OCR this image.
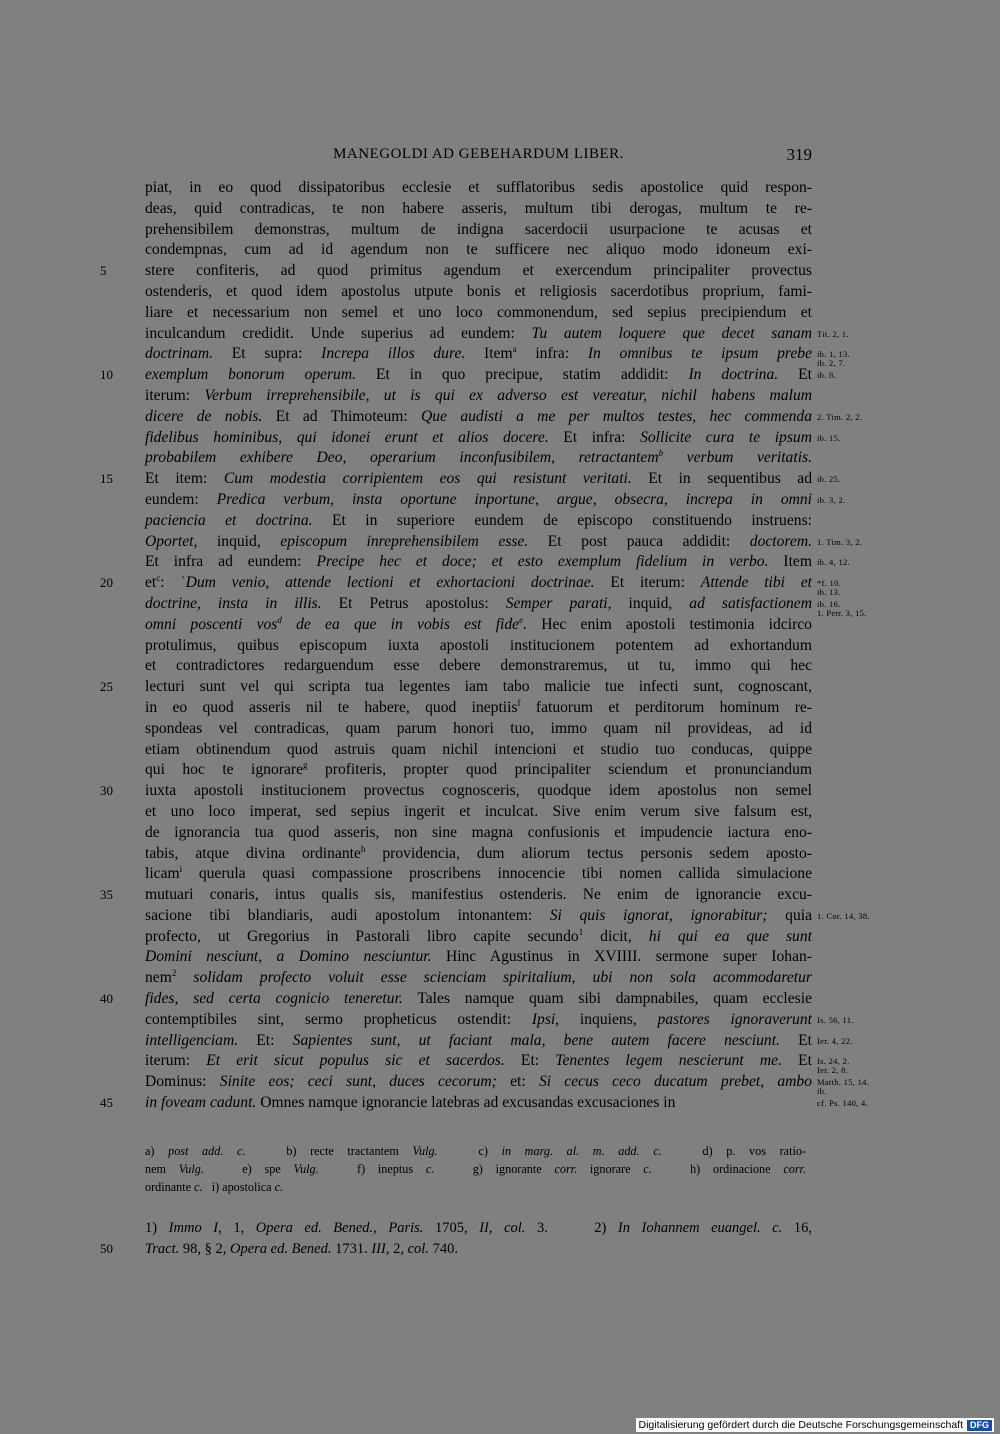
MANEGOLDI AD GEBEHARDUM LIBER.	319
piat, in eo quod dissipatoribus ecclesie et sufflatoribus sedis apostolice quid respon-
deas, quid contradicas, te non habere asseris, multum tibi derogas, multum te re-
prehensibilem demonstras, multum de indigna sacerdocii usurpacione te acusas et
condempnas, cum ad id agendum non te sufficere nec aliquo modo idoneum exi-
5	stere confiteris, ad quod primitus agendum et exercendum principaliter provectus
ostenderis, et quod idem apostolus utpute bonis et religiosis sacerdotibus proprium, fami-
liare et necessarium non semel et uno loco commonendum, sed sepius precipiendum et
inculcandum credidit. Unde superius ad eundem: Tu autem loquere que decet sanam Tit. 2, 1.
doctrinam. Et supra: Increpa illos dure. Item$^a$ infra: In omnibus te ipsum prebe ib. 1, 13.
ib. 2, 7.
10	exemplum bonorum operum. Et in quo precipue, statim addidit: In doctrina. Et ib. 8.
iterum: Verbum irreprehensibile, ut is qui ex adverso est vereatur, nichil habens malum
dicere de nobis. Et ad Thimoteum: Que audisti a me per multos testes, hec commenda 2. Tim. 2, 2.
fidelibus hominibus, qui idonei erunt et alios docere. Et infra: Sollicite cura te ipsum ib. 15.
probabilem exhibere Deo, operarium inconfusibilem, retractantem$^b$ verbum veritatis.
15	Et item: Cum modestia corripientem eos qui resistunt veritati. Et in sequentibus ad ib. 25.
eundem: Predica verbum, insta oportune inportune, argue, obsecra, increpa in omni ib. 3, 2.
paciencia et doctrina. Et in superiore eundem de episcopo constituendo instruens:
Oportet, inquid, episcopum inreprehensibilem esse. Et post pauca addidit: doctorem. 1. Tim. 3, 2.
Et infra ad eundem: Precipe hec et doce; et esto exemplum fidelium in verbo. Item ib. 4, 12.
20	$et^c$: ˈDum venio, attende lectioni et exhortacioni doctrinae. Et iterum: Attende tibi et *f. 10.
ib. 13.
doctrine, insta in illis. Et Petrus apostolus: Semper parati, inquid, ad satisfactionem ib. 16.
1. Petr. 3, 15.
omni poscenti vos$^d$ de ea que in vobis est fide$^e$. Hec enim apostoli testimonia idcirco
protulimus, quibus episcopum iuxta apostoli institucionem potentem ad exhortandum
et contradictores redarguendum esse debere demonstraremus, ut tu, immo qui hec
25	lecturi sunt vel qui scripta tua legentes iam tabo malicie tue infecti sunt, cognoscant,
in eo quod asseris nil te habere, quod ineptiis$^f$ fatuorum et perditorum hominum re-
spondeas vel contradicas, quam parum honori tuo, immo quam nil provideas, ad id
etiam obtinendum quod astruis quam nichil intencioni et studio tuo conducas, quippe
qui hoc te ignorare$^g$ profiteris, propter quod principaliter sciendum et pronunciandum
30	iuxta apostoli institucionem provectus cognosceris, quodque idem apostolus non semel
et uno loco imperat, sed sepius ingerit et inculcat. Sive enim verum sive falsum est,
de ignorancia tua quod asseris, non sine magna confusionis et impudencie iactura eno-
tabis, atque divina ordinante$^h$ providencia, dum aliorum tectus personis sedem aposto-
licam$^i$ querula quasi compassione proscribens innocencie tibi nomen callida simulacione
35	mutuari conaris, intus qualis sis, manifestius ostenderis. Ne enim de ignorancie excu-
sacione tibi blandiaris, audi apostolum intonantem: Si quis ignorat, ignorabitur; quia 1. Cor. 14, 38.
profecto, ut Gregorius in Pastorali libro capite secundo$^1$ dicit, hi qui ea que sunt
Domini nesciunt, a Domino nesciuntur. Hinc Agustinus in XVIIII. sermone super Iohan-
nem$^2$ solidam profecto voluit esse scienciam spiritalium, ubi non sola acommodaretur
40	fides, sed certa cognicio teneretur. Tales namque quam sibi dampnabiles, quam ecclesie
contemptibiles sint, sermo propheticus ostendit: Ipsi, inquiens, pastores ignoraverunt Is. 56, 11.
intelligenciam. Et: Sapientes sunt, ut faciant mala, bene autem facere nesciunt. Et Ier. 4, 22.
iterum: Et erit sicut populus sic et sacerdos. Et: Tenentes legem nescierunt me. Et Is. 24, 2.
Ier. 2, 8.
Dominus: Sinite eos; ceci sunt, duces cecorum; et: Si cecus ceco ducatum prebet, ambo Matth. 15, 14.
ib.
45	in foveam cadunt. Omnes namque ignorancie latebras ad excusandas excusaciones in	cf. Ps. 140, 4.
a) post add. c.   b) recte tractantem Vulg.   c) in marg. al. m. add. c.   d) p. vos ratio-
nem Vulg.   e) spe Vulg.   f) ineptus c.   g) ignorante corr. ignorare c.   h) ordinacione corr.
ordinante c.   i) apostolica c.
1) Immo I, 1, Opera ed. Bened., Paris. 1705, II, col. 3.    2) In Iohannem euangel. c. 16,
50	Tract. 98, § 2, Opera ed. Bened. 1731. III, 2, col. 740.
Digitalisierung gefördert durch die Deutsche Forschungsgemeinschaft DFG
